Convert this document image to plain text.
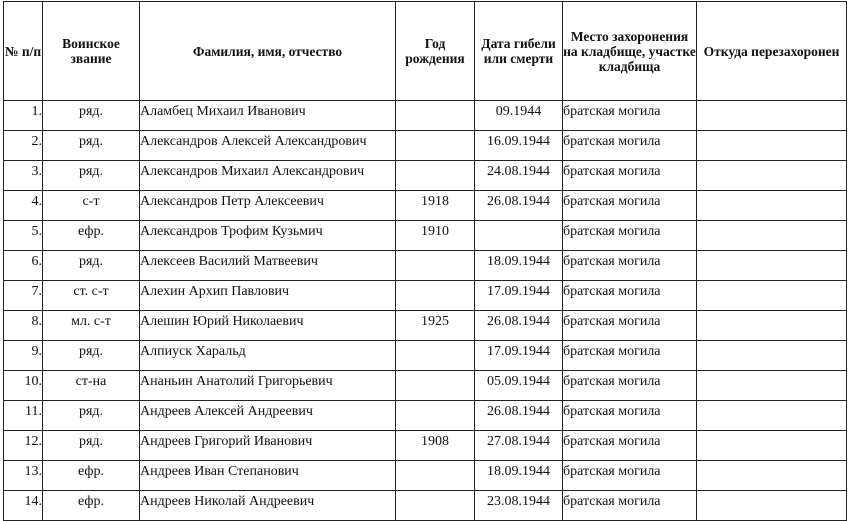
№ п/п	Воинское звание	Фамилия, имя, отчество	Год рождения	Дата гибели или смерти	Место захоронения на кладбище, участке кладбища	Откуда перезахоронен
1.	ряд.	Аламбец Михаил Иванович		09.1944	братская могила	
2.	ряд.	Александров Алексей Александрович		16.09.1944	братская могила	
3.	ряд.	Александров Михаил Александрович		24.08.1944	братская могила	
4.	с-т	Александров Петр Алексеевич	1918	26.08.1944	братская могила	
5.	ефр.	Александров Трофим Кузьмич	1910		братская могила	
6.	ряд.	Алексеев Василий Матвеевич		18.09.1944	братская могила	
7.	ст. с-т	Алехин Архип Павлович		17.09.1944	братская могила	
8.	мл. с-т	Алешин Юрий Николаевич	1925	26.08.1944	братская могила	
9.	ряд.	Алпиуск Харальд		17.09.1944	братская могила	
10.	ст-на	Ананьин Анатолий Григорьевич		05.09.1944	братская могила	
11.	ряд.	Андреев Алексей Андреевич		26.08.1944	братская могила	
12.	ряд.	Андреев Григорий Иванович	1908	27.08.1944	братская могила	
13.	ефр.	Андреев Иван Степанович		18.09.1944	братская могила	
14.	ефр.	Андреев Николай Андреевич		23.08.1944	братская могила	
